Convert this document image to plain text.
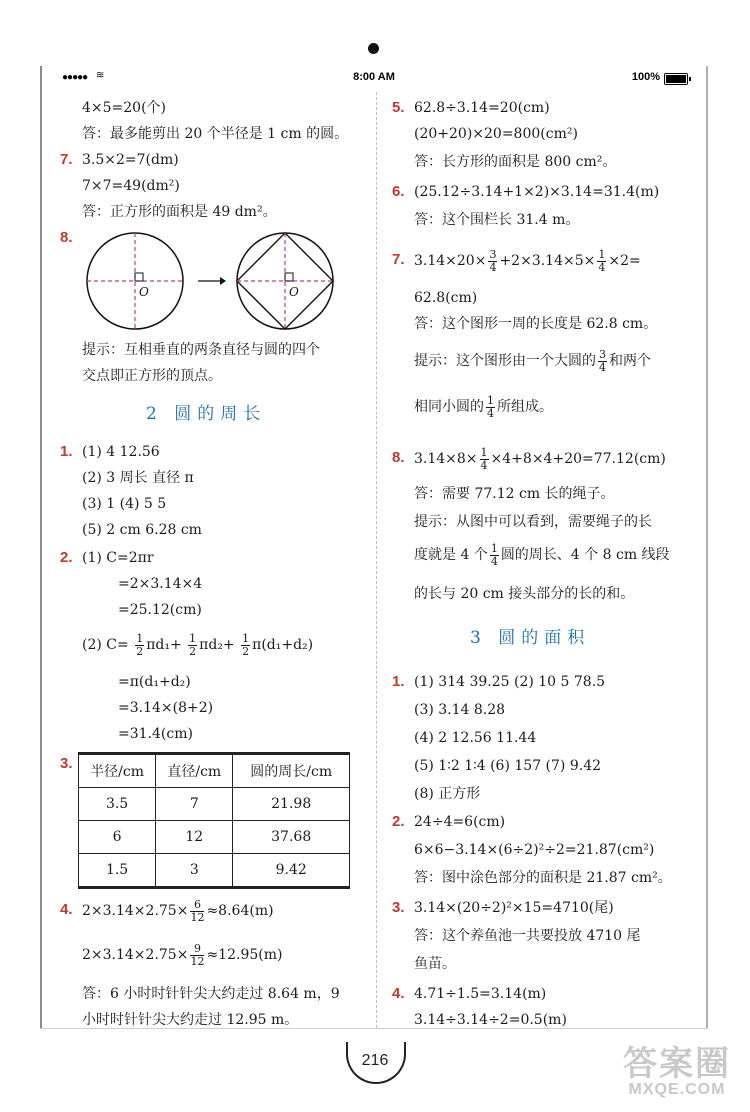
●●●●● ≋	8:00 AM	100%
4×5=20(个)
答：最多能剪出 20 个半径是 1 cm 的圆。
7. 3.5×2=7(dm)
7×7=49(dm²)
答：正方形的面积是 49 dm²。
8.
O	O
提示：互相垂直的两条直径与圆的四个
交点即正方形的顶点。
2 圆的周长
1. (1) 4 12.56
(2) 3 周长 直径 π
(3) 1 (4) 5 5
(5) 2 cm 6.28 cm
2. (1) C=2πr
=2×3.14×4
=25.12(cm)
(2) $C= \frac{1}{2} \pi d_1+ \frac{1}{2} \pi d_2+ \frac{1}{2} \pi(d_1+d_2)$
=π(d₁+d₂)
=3.14×(8+2)
=31.4(cm)
3. 半径/cm	直径/cm	圆的周长/cm
3.5	7	21.98
6	12	37.68
1.5	3	9.42
4. $2\times 3.14\times 2.75\times \frac{6}{12} \approx 8.64(m)$
$2\times 3.14\times 2.75\times \frac{9}{12} \approx 12.95(m)$
答：6 小时时针针尖大约走过 8.64 m，9
小时时针针尖大约走过 12.95 m。
5. 62.8÷3.14=20(cm)
(20+20)×20=800(cm²)
答：长方形的面积是 800 cm²。
6. (25.12÷3.14+1×2)×3.14=31.4(m)
答：这个围栏长 31.4 m。
7. $3.14\times 20\times \frac{3}{4} +2\times 3.14\times 5\times \frac{1}{4} \times 2=$
62.8(cm)
答：这个图形一周的长度是 62.8 cm。
提示：这个图形由一个大圆的 $\frac{3}{4}$ 和两个
相同小圆的 $\frac{1}{4}$ 所组成。
8. $3.14\times 8\times \frac{1}{4} \times 4+8\times 4+20=77.12(cm)$
答：需要 77.12 cm 长的绳子。
提示：从图中可以看到，需要绳子的长
度就是 4 个 $\frac{1}{4}$ 圆的周长、4 个 8 cm 线段
的长与 20 cm 接头部分的长的和。
3 圆的面积
1. (1) 314 39.25 (2) 10 5 78.5
(3) 3.14 8.28
(4) 2 12.56 11.44
(5) 1∶2 1∶4 (6) 157 (7) 9.42
(8) 正方形
2. 24÷4=6(cm)
6×6−3.14×(6÷2)²÷2=21.87(cm²)
答：图中涂色部分的面积是 21.87 cm²。
3. 3.14×(20÷2)²×15=4710(尾)
答：这个养鱼池一共要投放 4710 尾
鱼苗。
4. 4.71÷1.5=3.14(m)
3.14÷3.14÷2=0.5(m)
216	答案圈
MXQE.COM
